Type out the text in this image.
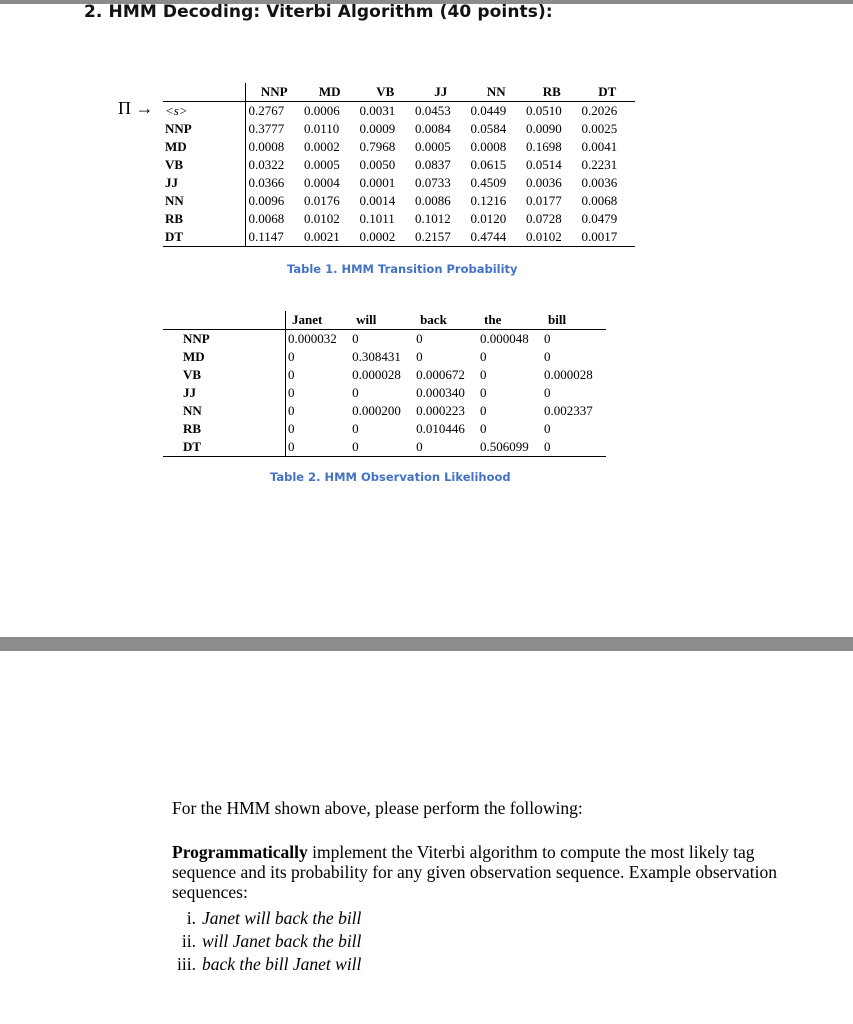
2. HMM Decoding: Viterbi Algorithm (40 points):
Π →
	NNP	MD	VB	JJ	NN	RB	DT
<s>	0.2767	0.0006	0.0031	0.0453	0.0449	0.0510	0.2026
NNP	0.3777	0.0110	0.0009	0.0084	0.0584	0.0090	0.0025
MD	0.0008	0.0002	0.7968	0.0005	0.0008	0.1698	0.0041
VB	0.0322	0.0005	0.0050	0.0837	0.0615	0.0514	0.2231
JJ	0.0366	0.0004	0.0001	0.0733	0.4509	0.0036	0.0036
NN	0.0096	0.0176	0.0014	0.0086	0.1216	0.0177	0.0068
RB	0.0068	0.0102	0.1011	0.1012	0.0120	0.0728	0.0479
DT	0.1147	0.0021	0.0002	0.2157	0.4744	0.0102	0.0017
Table 1. HMM Transition Probability
	Janet	will	back	the	bill
NNP	0.000032	0	0	0.000048	0
MD	0	0.308431	0	0	0
VB	0	0.000028	0.000672	0	0.000028
JJ	0	0	0.000340	0	0
NN	0	0.000200	0.000223	0	0.002337
RB	0	0	0.010446	0	0
DT	0	0	0	0.506099	0
Table 2. HMM Observation Likelihood

For the HMM shown above, please perform the following:

Programmatically implement the Viterbi algorithm to compute the most likely tag sequence and its probability for any given observation sequence. Example observation sequences:

i. Janet will back the bill
ii. will Janet back the bill
iii. back the bill Janet will
